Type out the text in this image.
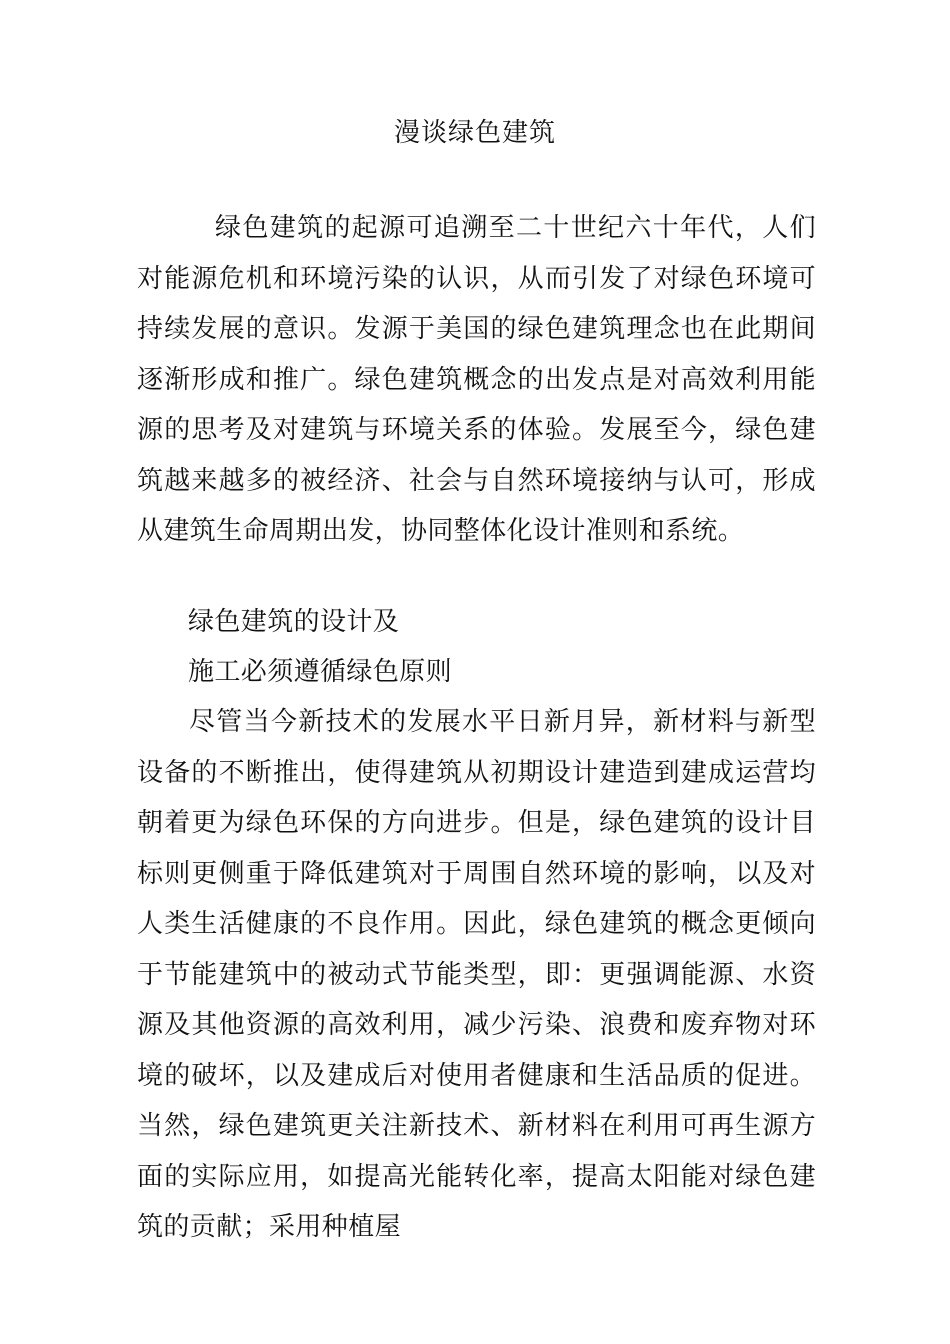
漫谈绿色建筑
绿色建筑的起源可追溯至二十世纪六十年代，人们对能源危机和环境污染的认识，从而引发了对绿色环境可持续发展的意识。发源于美国的绿色建筑理念也在此期间逐渐形成和推广。绿色建筑概念的出发点是对高效利用能源的思考及对建筑与环境关系的体验。发展至今，绿色建筑越来越多的被经济、社会与自然环境接纳与认可，形成从建筑生命周期出发，协同整体化设计准则和系统。
绿色建筑的设计及
施工必须遵循绿色原则
尽管当今新技术的发展水平日新月异，新材料与新型设备的不断推出，使得建筑从初期设计建造到建成运营均朝着更为绿色环保的方向进步。但是，绿色建筑的设计目标则更侧重于降低建筑对于周围自然环境的影响，以及对人类生活健康的不良作用。因此，绿色建筑的概念更倾向于节能建筑中的被动式节能类型，即：更强调能源、水资源及其他资源的高效利用，减少污染、浪费和废弃物对环境的破坏，以及建成后对使用者健康和生活品质的促进。当然，绿色建筑更关注新技术、新材料在利用可再生源方面的实际应用，如提高光能转化率，提高太阳能对绿色建筑的贡献；采用种植屋
